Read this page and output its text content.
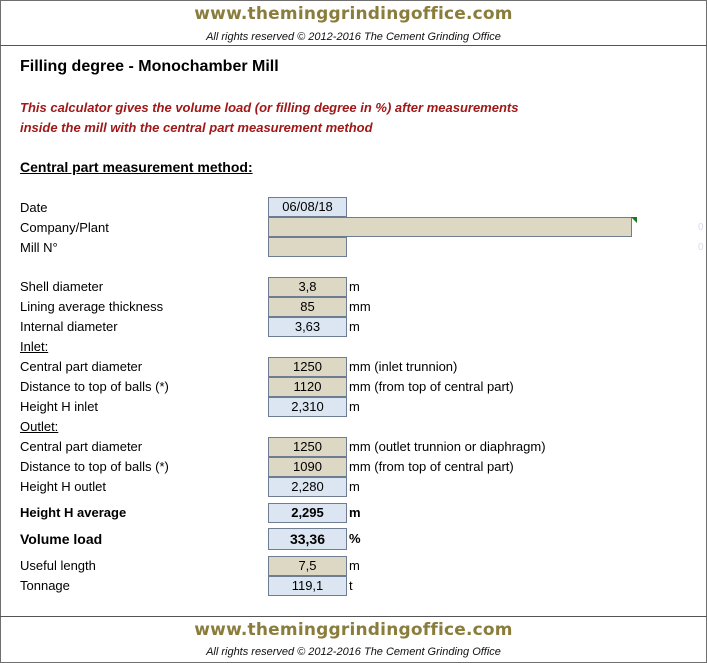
www.theminggrindingoffice.com
All rights reserved © 2012-2016 The Cement Grinding Office
Filling degree - Monochamber Mill
This calculator gives the volume load (or filling degree in %) after measurements
inside the mill with the central part measurement method
Central part measurement method:
Date	06/08/18
Company/Plant	0
Mill N°	0
Shell diameter	3,8	m
Lining average thickness	85	mm
Internal diameter	3,63	m
Inlet:
Central part diameter	1250	mm (inlet trunnion)
Distance to top of balls (*)	1120	mm (from top of central part)
Height H inlet	2,310	m
Outlet:
Central part diameter	1250	mm (outlet trunnion or diaphragm)
Distance to top of balls (*)	1090	mm (from top of central part)
Height H outlet	2,280	m
Height H average	2,295	m
Volume load	33,36	%
Useful length	7,5	m
Tonnage	119,1	t
www.theminggrindingoffice.com
All rights reserved © 2012-2016 The Cement Grinding Office
